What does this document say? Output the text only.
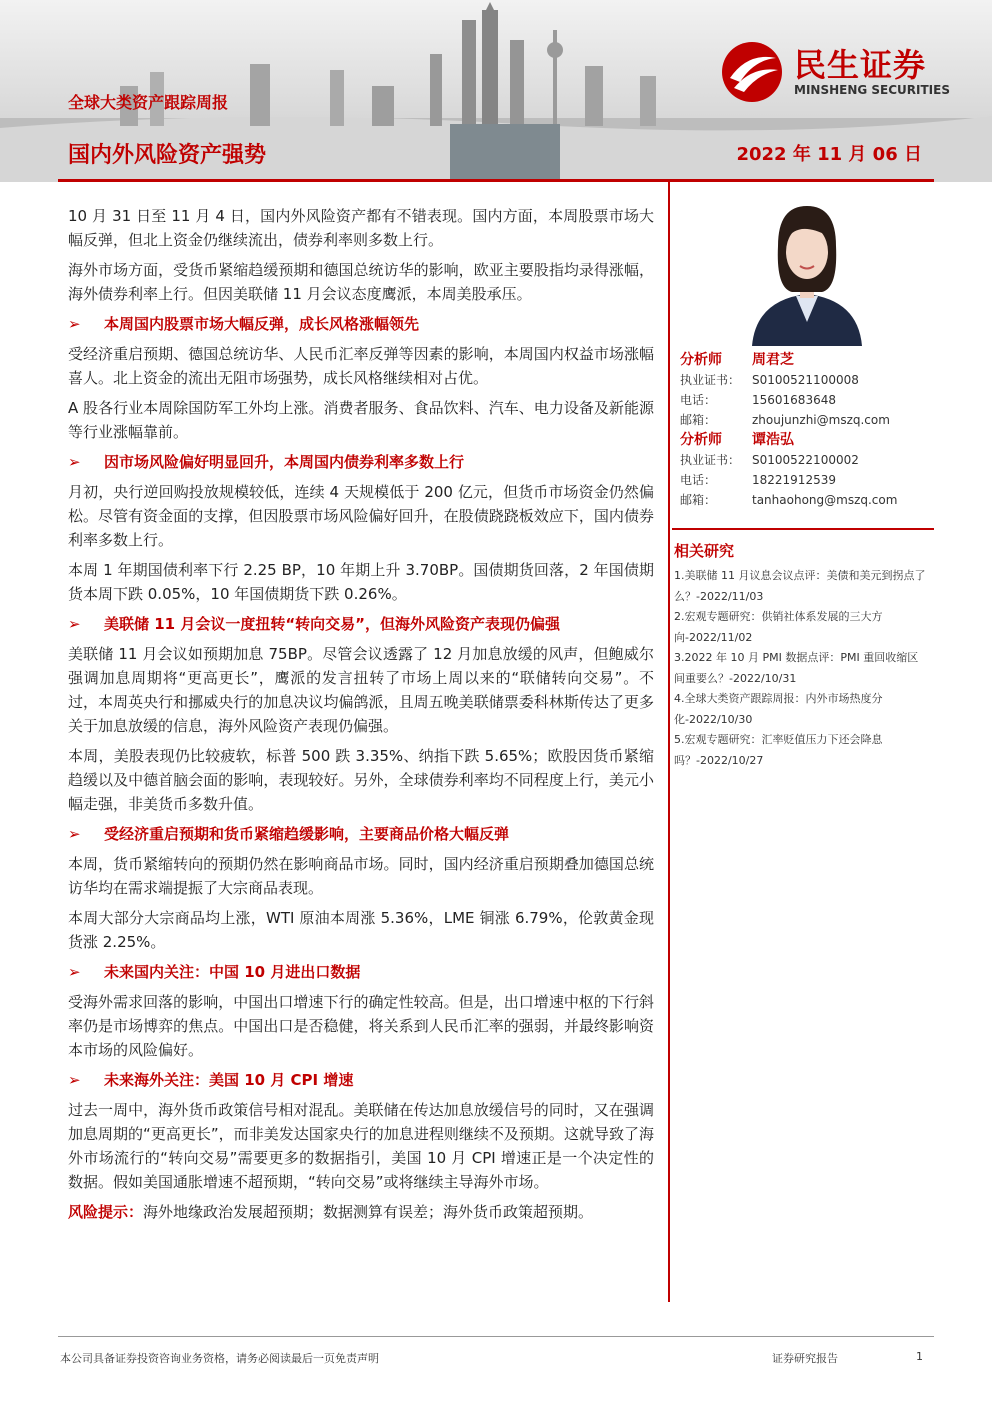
全球大类资产跟踪周报
国内外风险资产强势	2022 年 11 月 06 日
民生证券
MINSHENG SECURITIES

10 月 31 日至 11 月 4 日，国内外风险资产都有不错表现。国内方面，本周股票市场大幅反弹，但北上资金仍继续流出，债券利率则多数上行。

海外市场方面，受货币紧缩趋缓预期和德国总统访华的影响，欧亚主要股指均录得涨幅，海外债券利率上行。但因美联储 11 月会议态度鹰派，本周美股承压。

➢ 本周国内股票市场大幅反弹，成长风格涨幅领先

受经济重启预期、德国总统访华、人民币汇率反弹等因素的影响，本周国内权益市场涨幅喜人。北上资金的流出无阻市场强势，成长风格继续相对占优。

A 股各行业本周除国防军工外均上涨。消费者服务、食品饮料、汽车、电力设备及新能源等行业涨幅靠前。

➢ 因市场风险偏好明显回升，本周国内债券利率多数上行

月初，央行逆回购投放规模较低，连续 4 天规模低于 200 亿元，但货币市场资金仍然偏松。尽管有资金面的支撑，但因股票市场风险偏好回升，在股债跷跷板效应下，国内债券利率多数上行。

本周 1 年期国债利率下行 2.25 BP，10 年期上升 3.70BP。国债期货回落，2 年国债期货本周下跌 0.05%，10 年国债期货下跌 0.26%。

➢ 美联储 11 月会议一度扭转“转向交易”，但海外风险资产表现仍偏强

美联储 11 月会议如预期加息 75BP。尽管会议透露了 12 月加息放缓的风声，但鲍威尔强调加息周期将“更高更长”，鹰派的发言扭转了市场上周以来的“联储转向交易”。不过，本周英央行和挪威央行的加息决议均偏鸽派，且周五晚美联储票委科林斯传达了更多关于加息放缓的信息，海外风险资产表现仍偏强。

本周，美股表现仍比较疲软，标普 500 跌 3.35%、纳指下跌 5.65%；欧股因货币紧缩趋缓以及中德首脑会面的影响，表现较好。另外，全球债券利率均不同程度上行，美元小幅走强，非美货币多数升值。

➢ 受经济重启预期和货币紧缩趋缓影响，主要商品价格大幅反弹

本周，货币紧缩转向的预期仍然在影响商品市场。同时，国内经济重启预期叠加德国总统访华均在需求端提振了大宗商品表现。

本周大部分大宗商品均上涨，WTI 原油本周涨 5.36%，LME 铜涨 6.79%，伦敦黄金现货涨 2.25%。

➢ 未来国内关注：中国 10 月进出口数据

受海外需求回落的影响，中国出口增速下行的确定性较高。但是，出口增速中枢的下行斜率仍是市场博弈的焦点。中国出口是否稳健，将关系到人民币汇率的强弱，并最终影响资本市场的风险偏好。

➢ 未来海外关注：美国 10 月 CPI 增速

过去一周中，海外货币政策信号相对混乱。美联储在传达加息放缓信号的同时，又在强调加息周期的“更高更长”，而非美发达国家央行的加息进程则继续不及预期。这就导致了海外市场流行的“转向交易”需要更多的数据指引，美国 10 月 CPI 增速正是一个决定性的数据。假如美国通胀增速不超预期，“转向交易”或将继续主导海外市场。

风险提示：海外地缘政治发展超预期；数据测算有误差；海外货币政策超预期。

分析师 周君芝
执业证书： S0100521100008
电话：	15601683648
邮箱：	zhoujunzhi@mszq.com
分析师 谭浩弘
执业证书： S0100522100002
电话：	18221912539
邮箱：	tanhaohong@mszq.com
相关研究
1.美联储 11 月议息会议点评：美债和美元到拐点了么？-2022/11/03
2.宏观专题研究：供销社体系发展的三大方向-2022/11/02
3.2022 年 10 月 PMI 数据点评：PMI 重回收缩区间重要么？-2022/10/31
4.全球大类资产跟踪周报：内外市场热度分化-2022/10/30
5.宏观专题研究：汇率贬值压力下还会降息吗？-2022/10/27
本公司具备证券投资咨询业务资格，请务必阅读最后一页免责声明	证券研究报告	1
